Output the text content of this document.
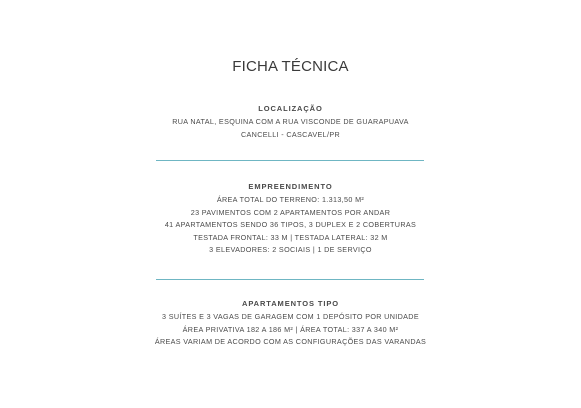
FICHA TÉCNICA
LOCALIZAÇÃO
RUA NATAL, ESQUINA COM A RUA VISCONDE DE GUARAPUAVA
CANCELLI - CASCAVEL/PR
EMPREENDIMENTO
ÁREA TOTAL DO TERRENO: 1.313,50 M²
23 PAVIMENTOS COM 2 APARTAMENTOS POR ANDAR
41 APARTAMENTOS SENDO 36 TIPOS, 3 DUPLEX E 2 COBERTURAS
TESTADA FRONTAL: 33 M | TESTADA LATERAL: 32 M
3 ELEVADORES: 2 SOCIAIS | 1 DE SERVIÇO
APARTAMENTOS TIPO
3 SUÍTES E 3 VAGAS DE GARAGEM COM 1 DEPÓSITO POR UNIDADE
ÁREA PRIVATIVA 182 A 186 M² | ÁREA TOTAL: 337 A 340 M²
ÁREAS VARIAM DE ACORDO COM AS CONFIGURAÇÕES DAS VARANDAS
